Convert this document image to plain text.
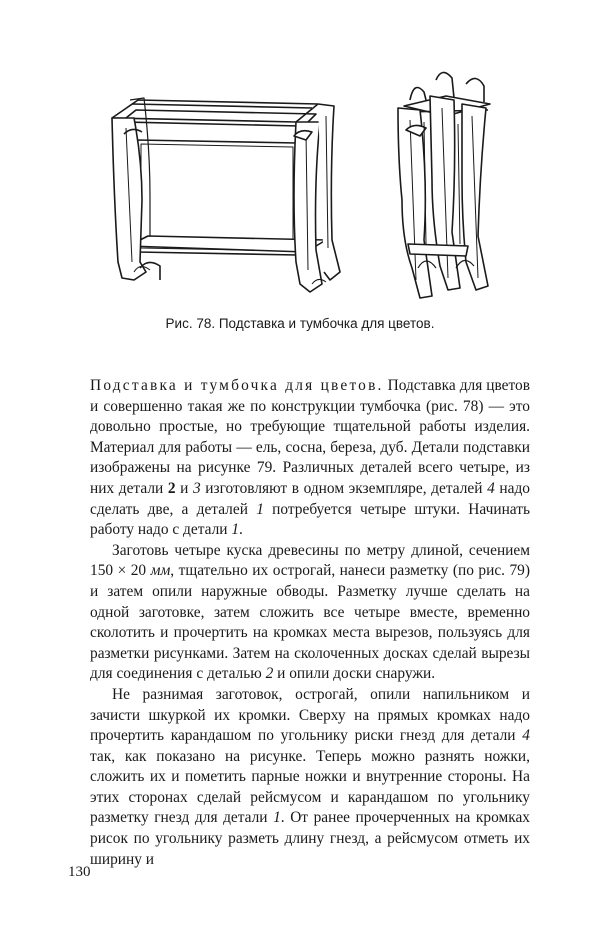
Рис. 78. Подставка и тумбочка для цветов.

Подставка и тумбочка для цветов. Подставка для цветов и совершенно такая же по конструкции тумбочка (рис. 78) — это довольно простые, но требующие тщательной работы изделия. Материал для работы — ель, сосна, береза, дуб. Детали подставки изображены на рисунке 79. Различных деталей всего четыре, из них детали 2 и 3 изготовляют в одном экземпляре, деталей 4 надо сделать две, а деталей 1 потребуется четыре штуки. Начинать работу надо с детали 1.

Заготовь четыре куска древесины по метру длиной, сечением 150 × 20 мм, тщательно их острогай, нанеси разметку (по рис. 79) и затем опили наружные обводы. Разметку лучше сделать на одной заготовке, затем сложить все четыре вместе, временно сколотить и прочертить на кромках места вырезов, пользуясь для разметки рисунками. Затем на сколоченных досках сделай вырезы для соединения с деталью 2 и опили доски снаружи.

Не разнимая заготовок, острогай, опили напильником и зачисти шкуркой их кромки. Сверху на прямых кромках надо прочертить карандашом по угольнику риски гнезд для детали 4 так, как показано на рисунке. Теперь можно разнять ножки, сложить их и пометить парные ножки и внутренние стороны. На этих сторонах сделай рейсмусом и карандашом по угольнику разметку гнезд для детали 1. От ранее прочерченных на кромках рисок по угольнику разметь длину гнезд, а рейсмусом отметь их ширину и

130
